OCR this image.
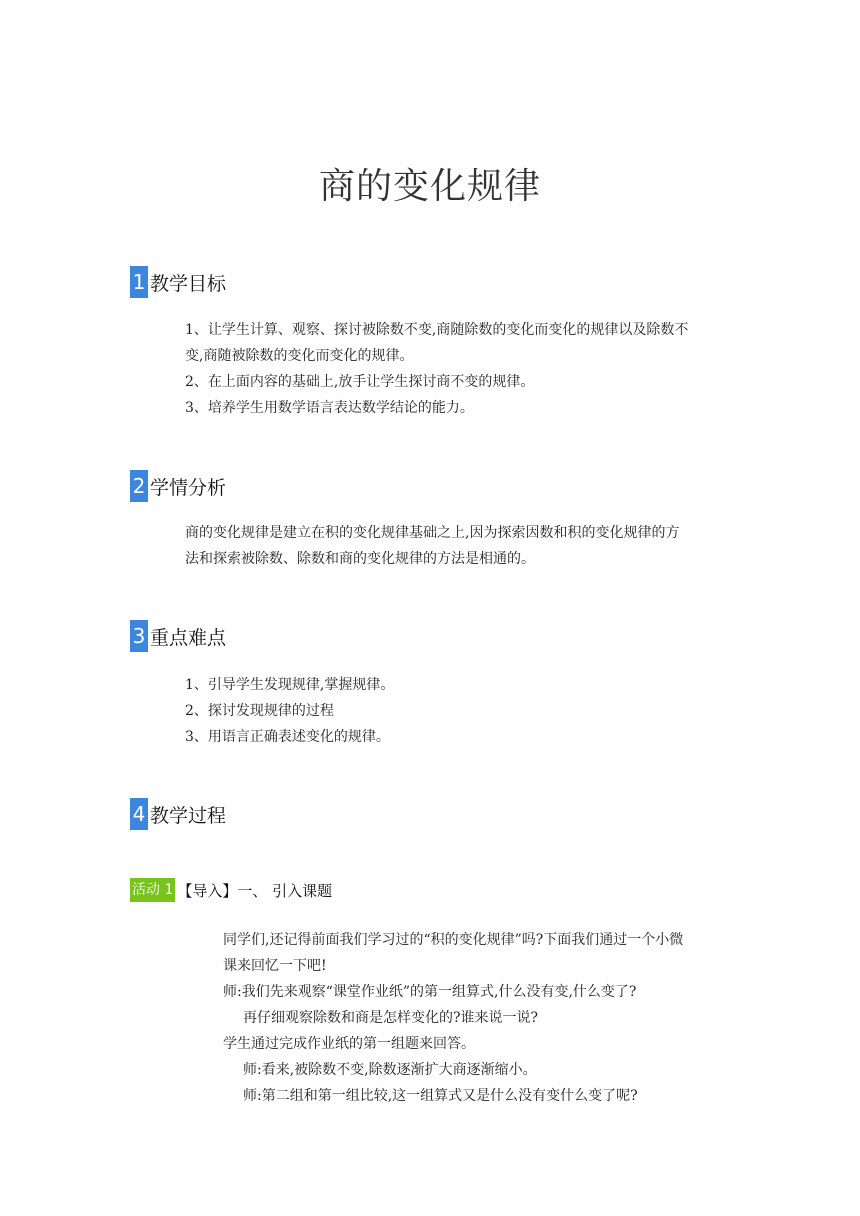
商的变化规律
1 教学目标
1、让学生计算、观察、探讨被除数不变,商随除数的变化而变化的规律以及除数不
变,商随被除数的变化而变化的规律。
2、在上面内容的基础上,放手让学生探讨商不变的规律。
3、培养学生用数学语言表达数学结论的能力。
2 学情分析
商的变化规律是建立在积的变化规律基础之上,因为探索因数和积的变化规律的方
法和探索被除数、除数和商的变化规律的方法是相通的。
3 重点难点
1、引导学生发现规律,掌握规律。
2、探讨发现规律的过程
3、用语言正确表述变化的规律。
4 教学过程
活动 1 【导入】一、 引入课题
同学们,还记得前面我们学习过的“积的变化规律”吗?下面我们通过一个小微
课来回忆一下吧!
师:我们先来观察“课堂作业纸”的第一组算式,什么没有变,什么变了?
再仔细观察除数和商是怎样变化的?谁来说一说?
学生通过完成作业纸的第一组题来回答。
师:看来,被除数不变,除数逐渐扩大商逐渐缩小。
师:第二组和第一组比较,这一组算式又是什么没有变什么变了呢?
